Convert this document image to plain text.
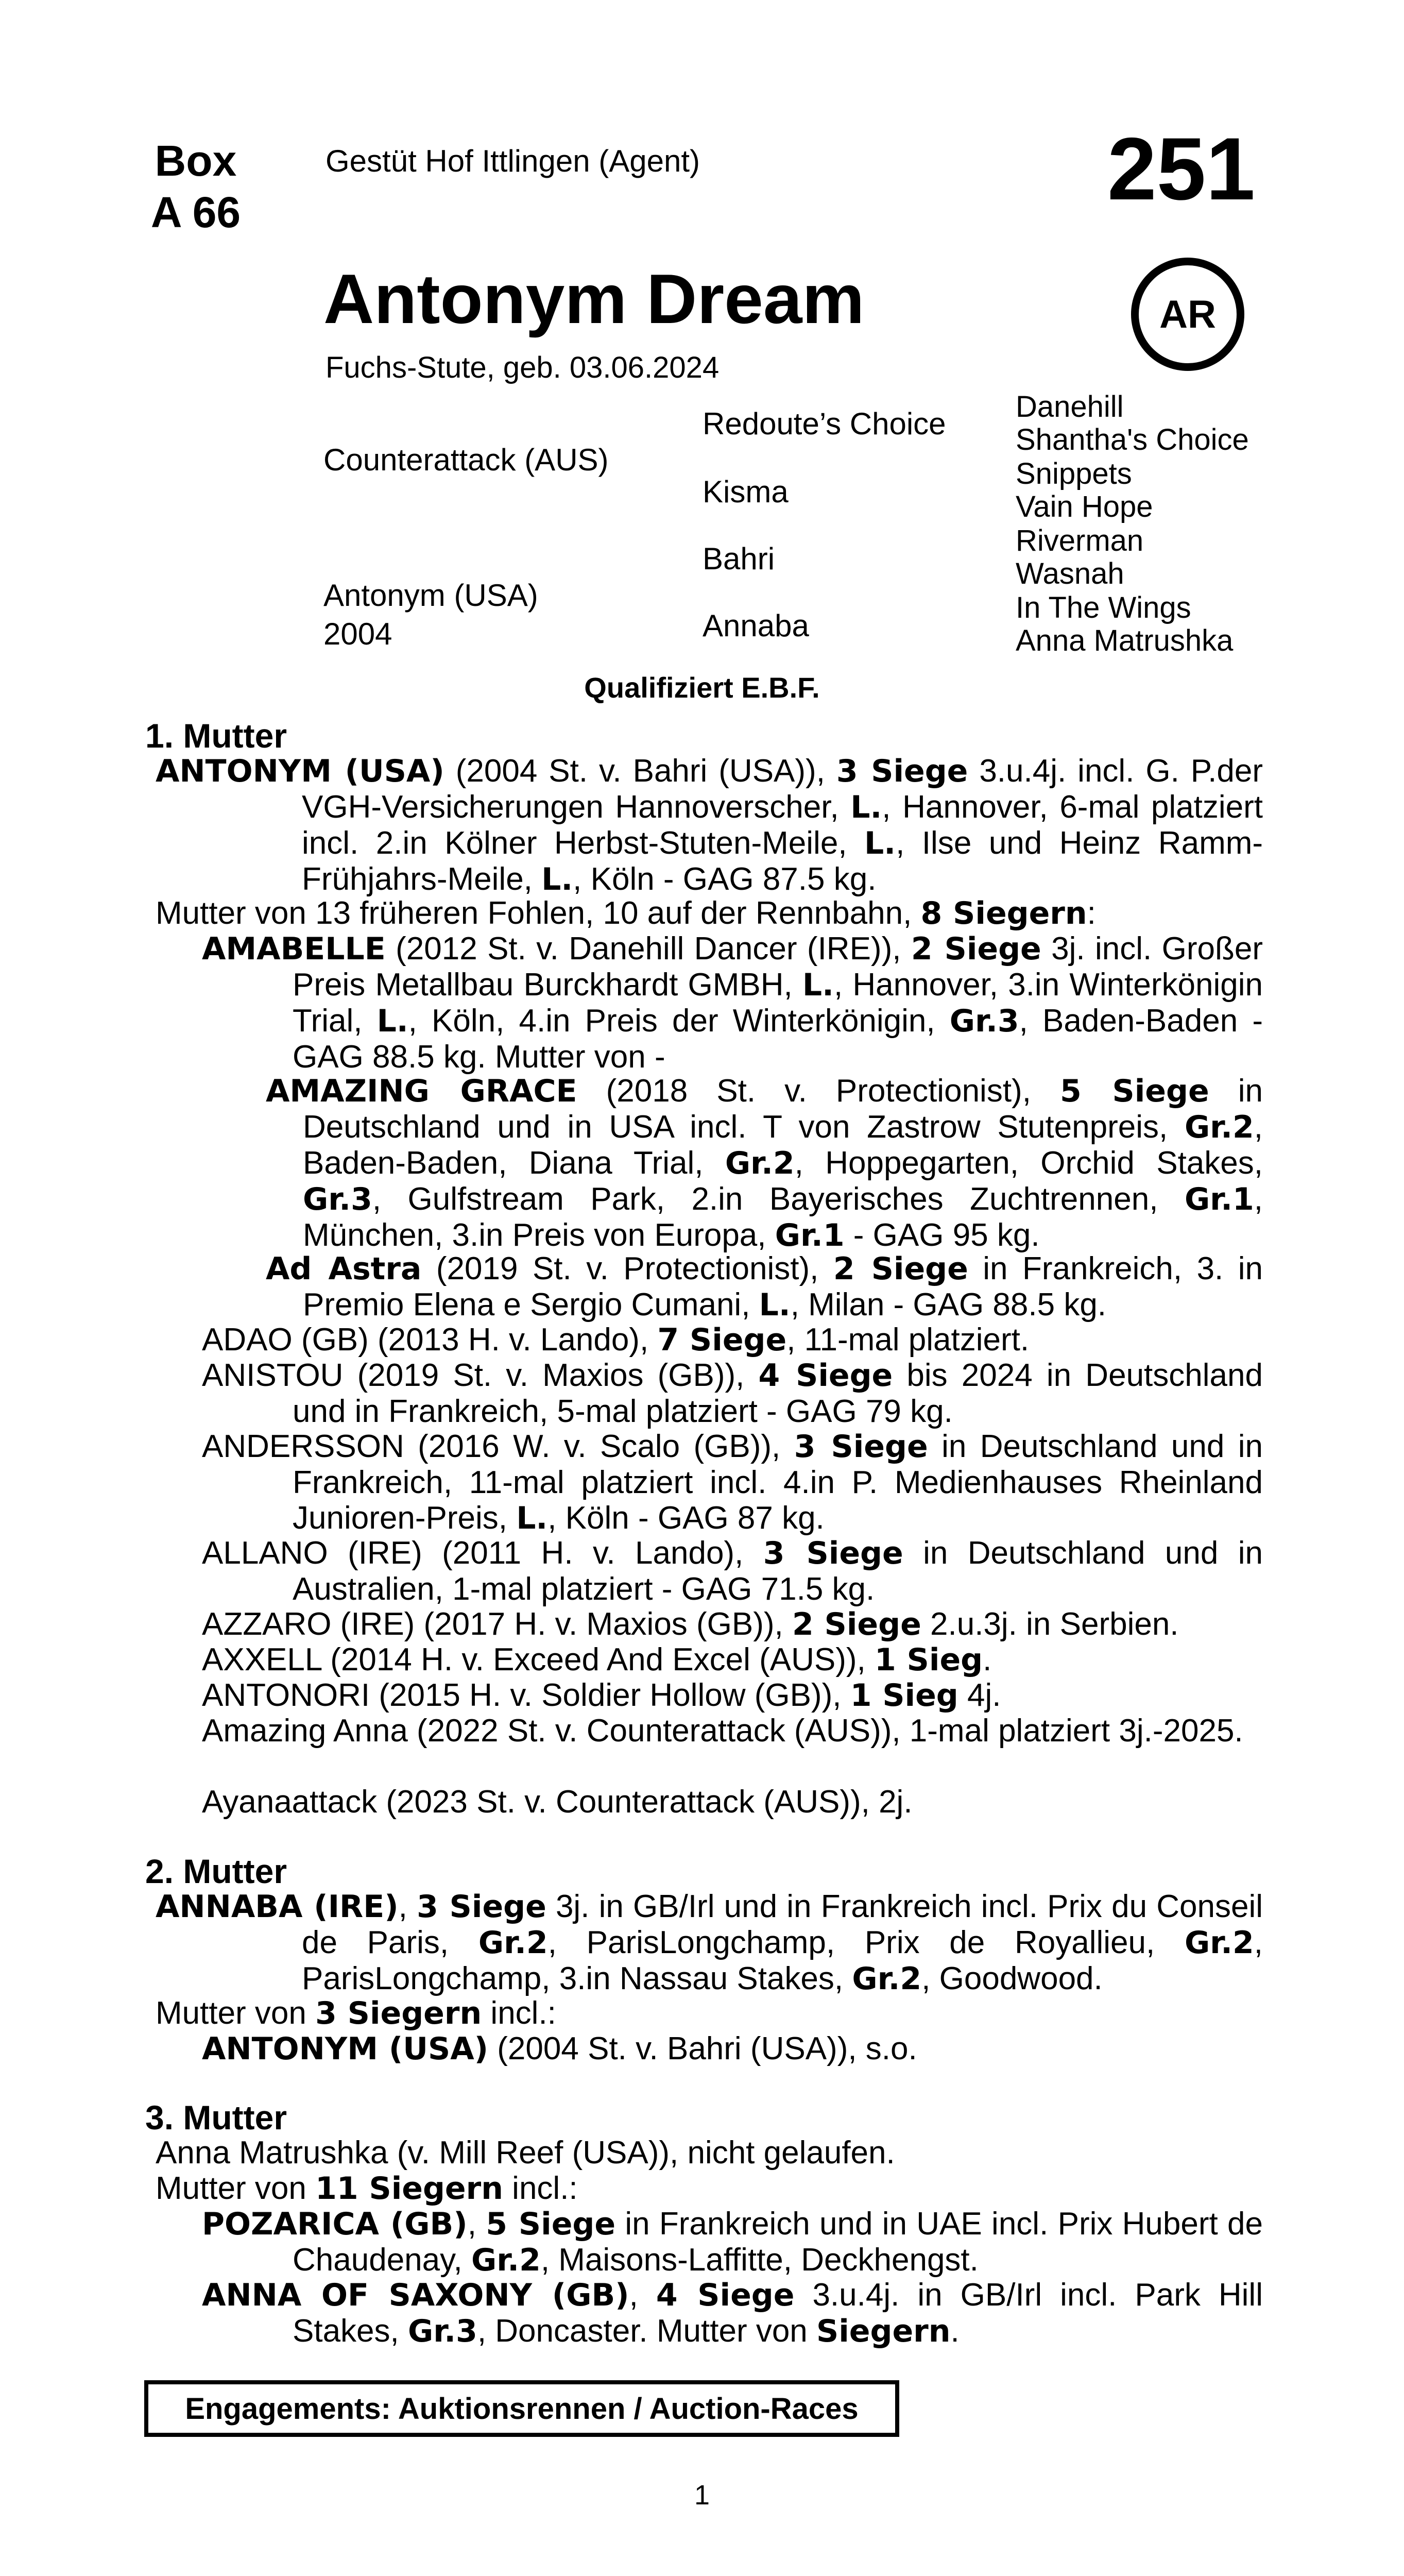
Box
A 66
Gestüt Hof Ittlingen (Agent)	251
Antonym Dream	AR
Fuchs-Stute, geb. 03.06.2024
Counterattack (AUS)
Antonym (USA)
2004
Redoute’s Choice
Kisma
Bahri
Annaba
Danehill
Shantha's Choice
Snippets
Vain Hope
Riverman
Wasnah
In The Wings
Anna Matrushka
Qualifiziert E.B.F.
1. Mutter
ANTONYM (USA) (2004 St. v. Bahri (USA)), 3 Siege 3.u.4j. incl. G. P.der VGH-Versicherungen Hannoverscher, L., Hannover, 6-mal platziert incl. 2.in Kölner Herbst-Stuten-Meile, L., Ilse und Heinz Ramm-Frühjahrs-Meile, L., Köln - GAG 87.5 kg.
Mutter von 13 früheren Fohlen, 10 auf der Rennbahn, 8 Siegern:
AMABELLE (2012 St. v. Danehill Dancer (IRE)), 2 Siege 3j. incl. Großer Preis Metallbau Burckhardt GMBH, L., Hannover, 3.in Winterkönigin Trial, L., Köln, 4.in Preis der Winterkönigin, Gr.3, Baden-Baden - GAG 88.5 kg. Mutter von -
AMAZING GRACE (2018 St. v. Protectionist), 5 Siege in Deutschland und in USA incl. T von Zastrow Stutenpreis, Gr.2, Baden-Baden, Diana Trial, Gr.2, Hoppegarten, Orchid Stakes, Gr.3, Gulfstream Park, 2.in Bayerisches Zuchtrennen, Gr.1, München, 3.in Preis von Europa, Gr.1 - GAG 95 kg.
Ad Astra (2019 St. v. Protectionist), 2 Siege in Frankreich, 3. in Premio Elena e Sergio Cumani, L., Milan - GAG 88.5 kg.
ADAO (GB) (2013 H. v. Lando), 7 Siege, 11-mal platziert.
ANISTOU (2019 St. v. Maxios (GB)), 4 Siege bis 2024 in Deutschland und in Frankreich, 5-mal platziert - GAG 79 kg.
ANDERSSON (2016 W. v. Scalo (GB)), 3 Siege in Deutschland und in Frankreich, 11-mal platziert incl. 4.in P. Medienhauses Rheinland Junioren-Preis, L., Köln - GAG 87 kg.
ALLANO (IRE) (2011 H. v. Lando), 3 Siege in Deutschland und in Australien, 1-mal platziert - GAG 71.5 kg.
AZZARO (IRE) (2017 H. v. Maxios (GB)), 2 Siege 2.u.3j. in Serbien.
AXXELL (2014 H. v. Exceed And Excel (AUS)), 1 Sieg.
ANTONORI (2015 H. v. Soldier Hollow (GB)), 1 Sieg 4j.
Amazing Anna (2022 St. v. Counterattack (AUS)), 1-mal platziert 3j.-2025.
Ayanaattack (2023 St. v. Counterattack (AUS)), 2j.
2. Mutter
ANNABA (IRE), 3 Siege 3j. in GB/Irl und in Frankreich incl. Prix du Conseil de Paris, Gr.2, ParisLongchamp, Prix de Royallieu, Gr.2, ParisLongchamp, 3.in Nassau Stakes, Gr.2, Goodwood.
Mutter von 3 Siegern incl.:
ANTONYM (USA) (2004 St. v. Bahri (USA)), s.o.
3. Mutter
Anna Matrushka (v. Mill Reef (USA)), nicht gelaufen.
Mutter von 11 Siegern incl.:
POZARICA (GB), 5 Siege in Frankreich und in UAE incl. Prix Hubert de Chaudenay, Gr.2, Maisons-Laffitte, Deckhengst.
ANNA OF SAXONY (GB), 4 Siege 3.u.4j. in GB/Irl incl. Park Hill Stakes, Gr.3, Doncaster. Mutter von Siegern.
Engagements: Auktionsrennen / Auction-Races
1
